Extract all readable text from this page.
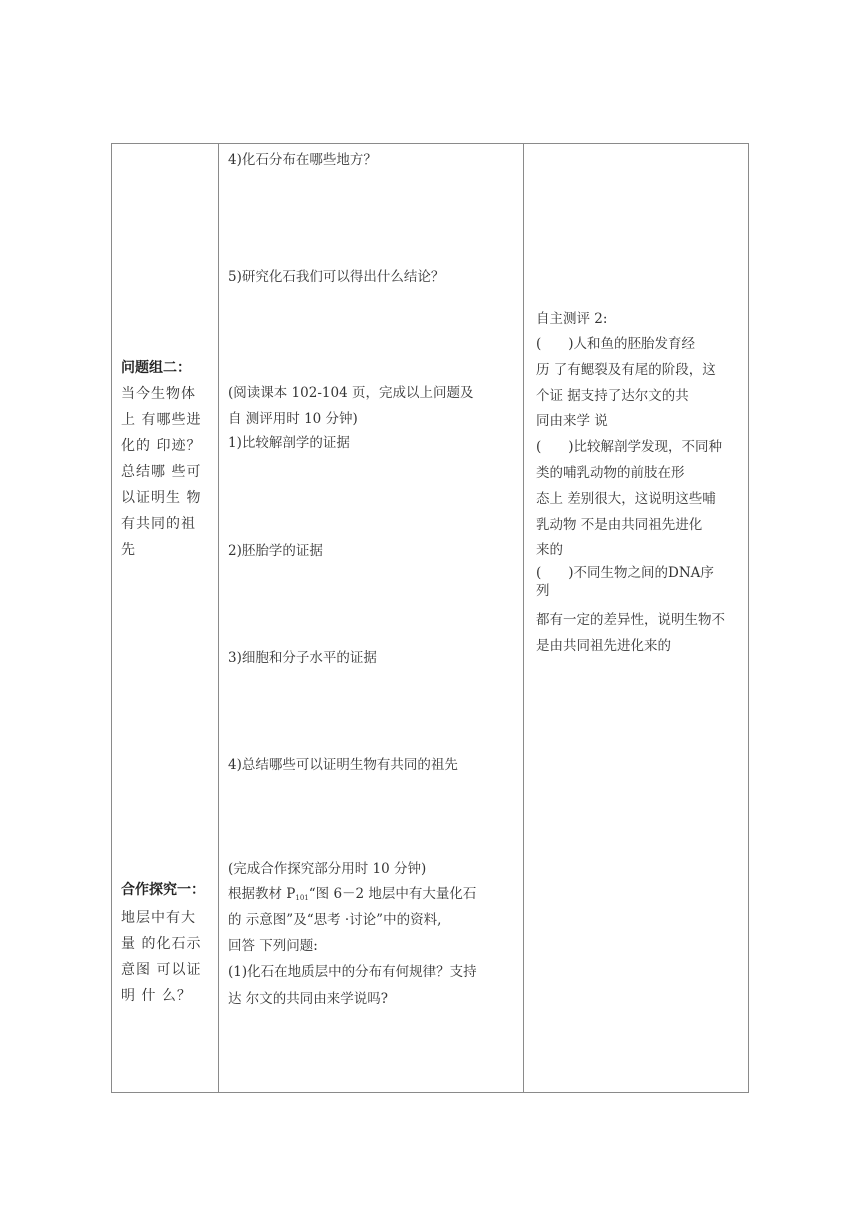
问题组二：
当今生物体
上 有哪些进
化的 印迹？
总结哪 些可
以证明生 物
有共同的祖
先
合作探究一：
地层中有大
量 的化石示
意图 可以证
明 什 么？
4)化石分布在哪些地方？
5)研究化石我们可以得出什么结论？
(阅读课本 102-104 页，完成以上问题及
自 测评用时 10 分钟)
1)比较解剖学的证据
2)胚胎学的证据
3)细胞和分子水平的证据
4)总结哪些可以证明生物有共同的祖先
(完成合作探究部分用时 10 分钟)
根据教材 $P_{101}“$图 6－2 地层中有大量化石
的 示意图”及“思考 ·讨论”中的资料,
回答 下列问题:
(1)化石在地质层中的分布有何规律？支持
达 尔文的共同由来学说吗?
自主测评 2:
(　　)人和鱼的胚胎发育经
历 了有鳃裂及有尾的阶段，这
个证 据支持了达尔文的共
同由来学 说
(　　)比较解剖学发现，不同种
类的哺乳动物的前肢在形
态上 差别很大，这说明这些哺
乳动物 不是由共同祖先进化
来的
(　　)不同生物之间的DNA序
列
都有一定的差异性，说明生物不
是由共同祖先进化来的
